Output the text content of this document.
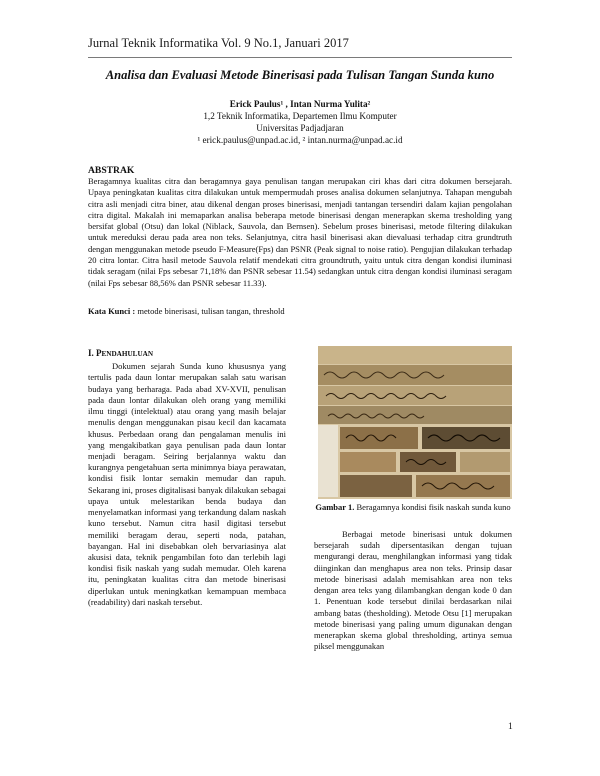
Jurnal Teknik Informatika Vol. 9 No.1, Januari 2017
Analisa dan Evaluasi Metode Binerisasi pada Tulisan Tangan Sunda kuno
Erick Paulus¹ , Intan Nurma Yulita²
1,2 Teknik Informatika, Departemen Ilmu Komputer
Universitas Padjadjaran
¹ erick.paulus@unpad.ac.id, ² intan.nurma@unpad.ac.id
ABSTRAK

Beragamnya kualitas citra dan beragamnya gaya penulisan tangan merupakan ciri khas dari citra dokumen bersejarah. Upaya peningkatan kualitas citra dilakukan untuk mempermudah proses analisa dokumen selanjutnya. Tahapan mengubah citra asli menjadi citra biner, atau dikenal dengan proses binerisasi, menjadi tantangan tersendiri dalam kajian pengolahan citra digital. Makalah ini memaparkan analisa beberapa metode binerisasi dengan menerapkan skema tresholding yang bersifat global (Otsu) dan lokal (Niblack, Sauvola, dan Bernsen). Sebelum proses binerisasi, metode filtering dilakukan untuk mereduksi derau pada area non teks. Selanjutnya, citra hasil binerisasi akan dievaluasi terhadap citra grundtruth dengan menggunakan metode pseudo F-Measure(Fps) dan PSNR (Peak signal to noise ratio). Pengujian dilakukan terhadap 20 citra lontar. Citra hasil metode Sauvola relatif mendekati citra groundtruth, yaitu untuk citra dengan kondisi iluminasi tidak seragam (nilai Fps sebesar 71,18% dan PSNR sebesar 11.54) sedangkan untuk citra dengan kondisi iluminasi seragam (nilai Fps sebesar 88,56% dan PSNR sebesar 11.33).

Kata Kunci : metode binerisasi, tulisan tangan, threshold
I. PENDAHULUAN

Dokumen sejarah Sunda kuno khususnya yang tertulis pada daun lontar merupakan salah satu warisan budaya yang berharaga. Pada abad XV-XVII, penulisan pada daun lontar dilakukan oleh orang yang memiliki ilmu tinggi (intelektual) atau orang yang masih belajar menulis dengan menggunakan pisau kecil dan kacamata khusus. Perbedaan orang dan pengalaman menulis ini yang mengakibatkan gaya penulisan pada daun lontar menjadi beragam. Seiring berjalannya waktu dan kurangnya pengetahuan serta minimnya biaya perawatan, kondisi fisik lontar semakin memudar dan rapuh. Sekarang ini, proses digitalisasi banyak dilakukan sebagai upaya untuk melestarikan benda budaya dan menyelamatkan informasi yang terkandung dalam naskah kuno tersebut. Namun citra hasil digitasi tersebut memiliki beragam derau, seperti noda, patahan, bayangan. Hal ini disebabkan oleh bervariasinya alat akusisi data, teknik pengambilan foto dan terlebih lagi kondisi fisik naskah yang sudah memudar. Oleh karena itu, peningkatan kualitas citra dan metode binerisasi diperlukan untuk meningkatkan kemampuan membaca (readability) dari naskah tersebut.

Gambar 1. Beragamnya kondisi fisik naskah sunda kuno

Berbagai metode binerisasi untuk dokumen bersejarah sudah dipersentasikan dengan tujuan mengurangi derau, menghilangkan informasi yang tidak diinginkan dan menghapus area non teks. Prinsip dasar metode binerisasi adalah memisahkan area non teks dengan area teks yang dilambangkan dengan kode 0 dan 1. Penentuan kode tersebut dinilai berdasarkan nilai ambang batas (thesholding). Metode Otsu [1] merupakan metode binerisasi yang paling umum digunakan dengan menerapkan skema global thresholding, artinya semua piksel menggunakan

1
